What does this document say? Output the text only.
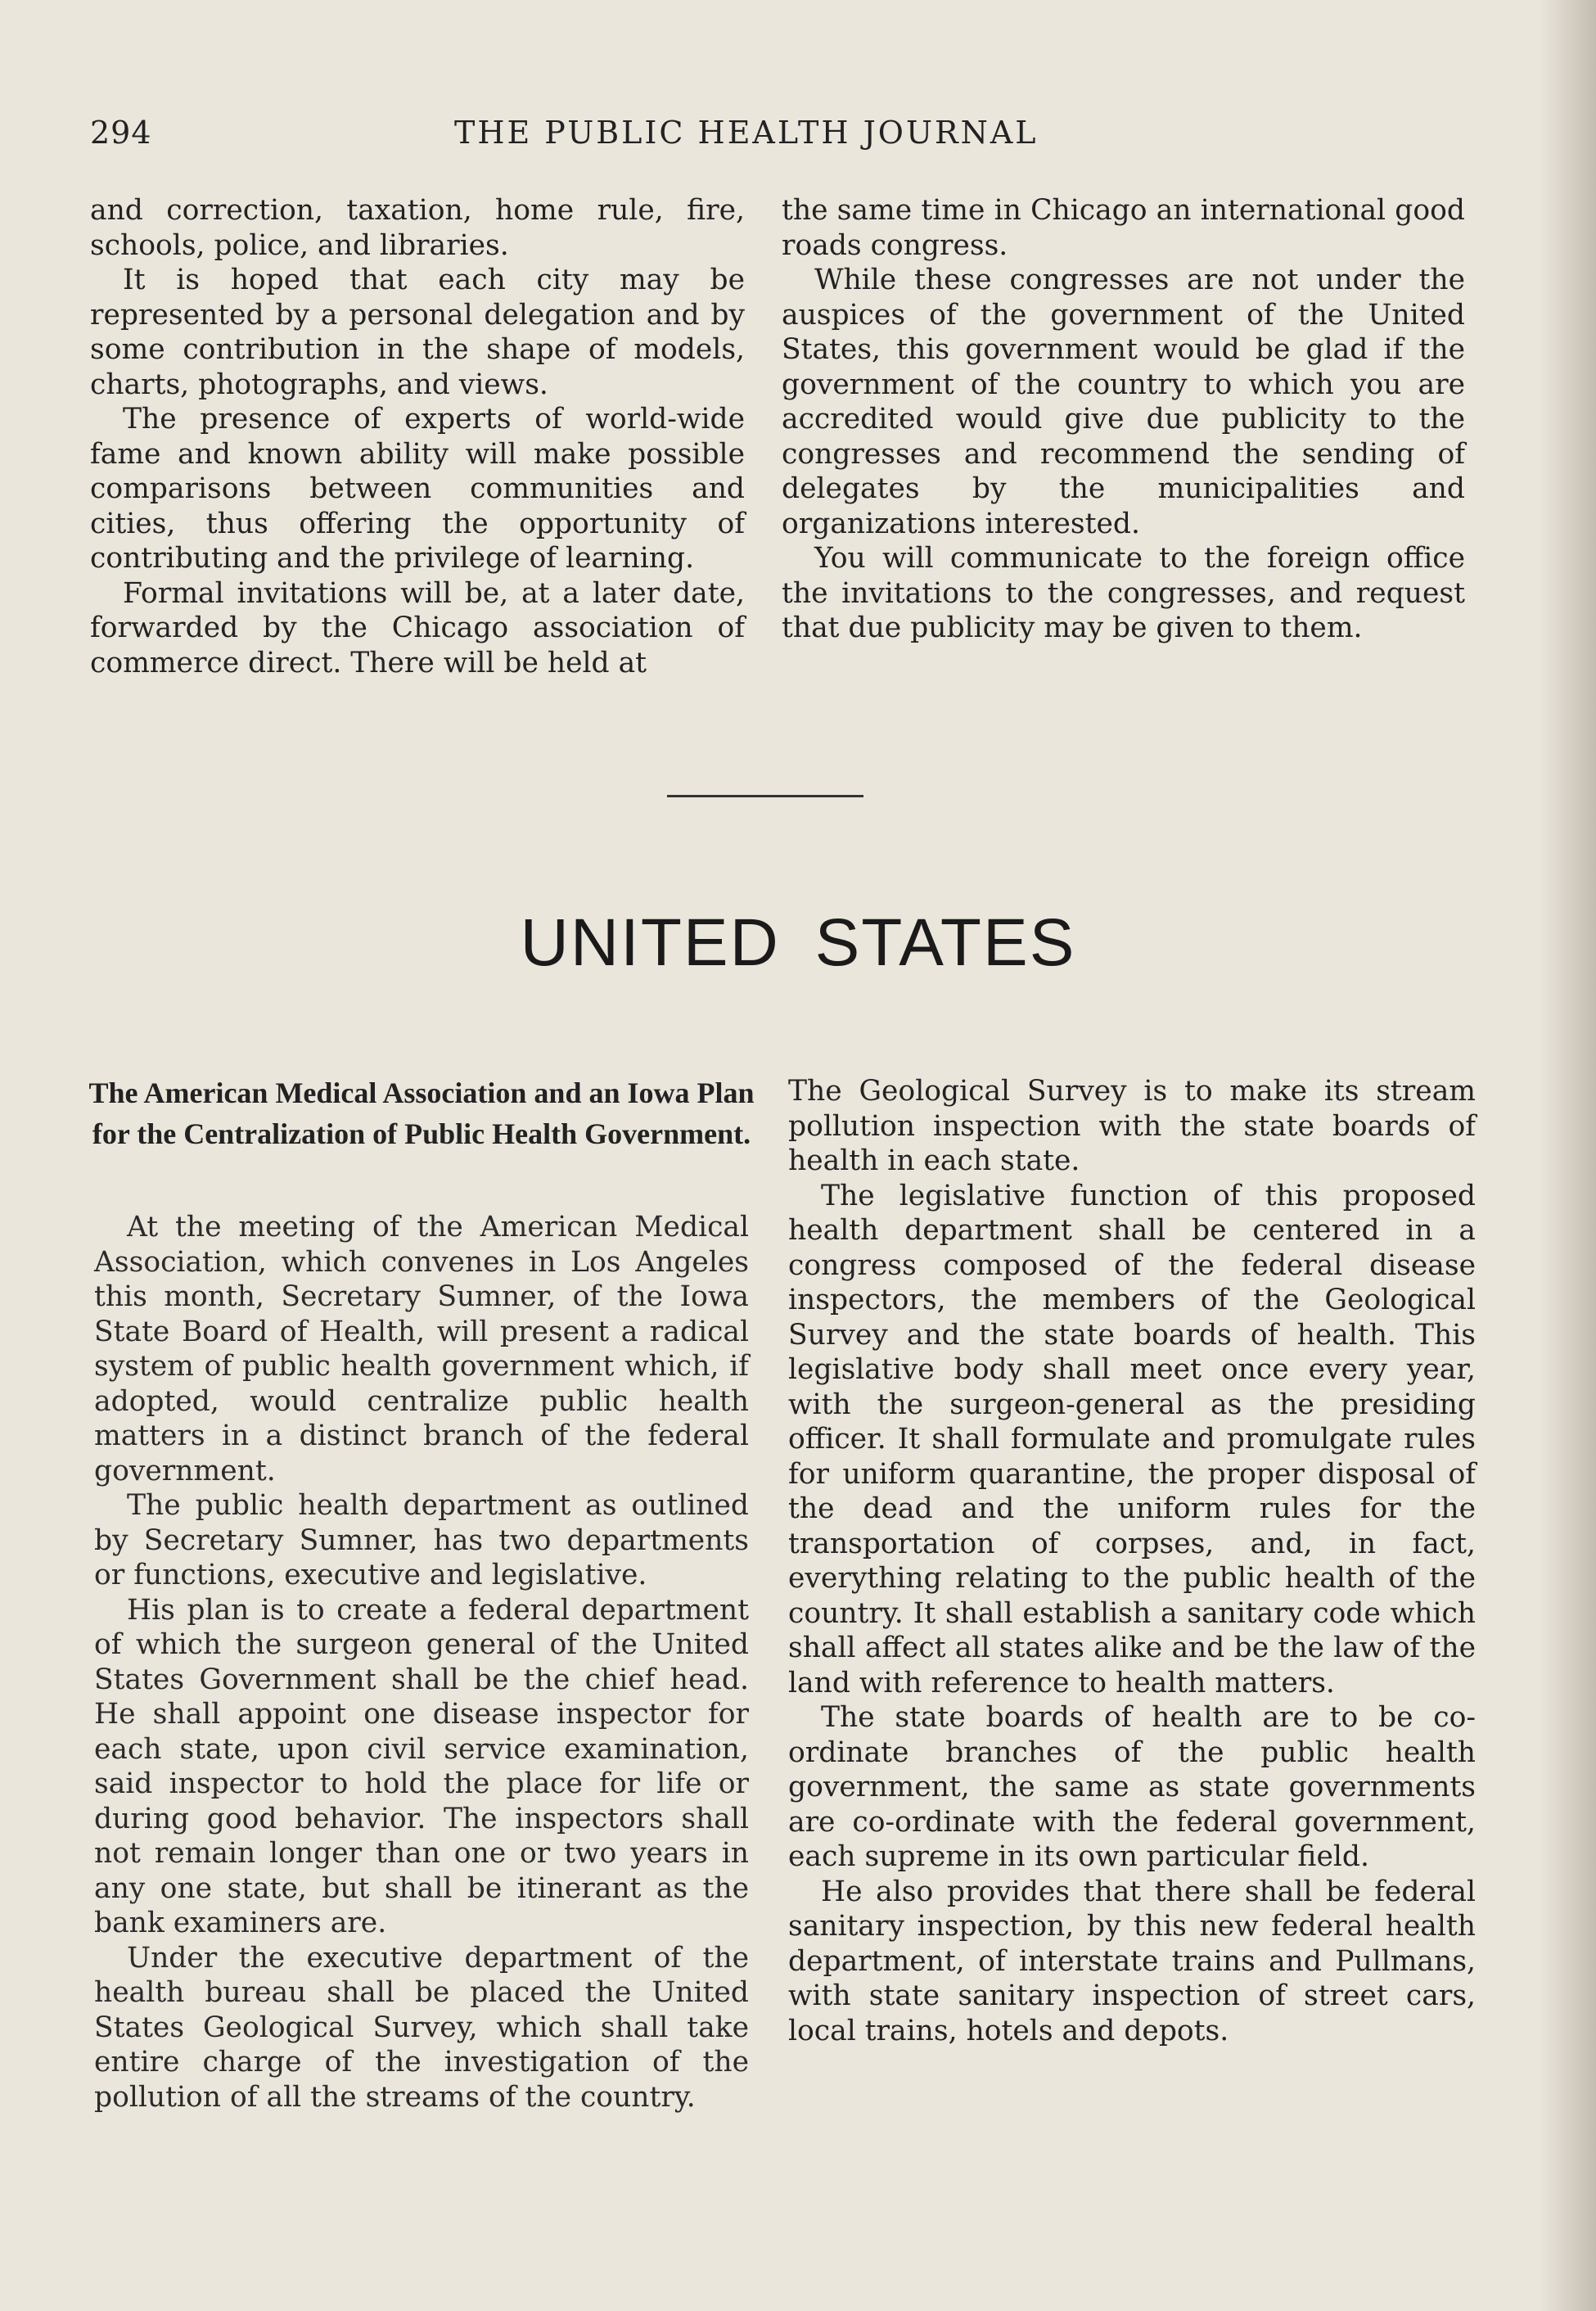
294	THE PUBLIC HEALTH JOURNAL

and correction, taxation, home rule, fire, schools, police, and libraries.

It is hoped that each city may be represented by a personal delegation and by some contribution in the shape of models, charts, photographs, and views.

The presence of experts of world-wide fame and known ability will make possible comparisons between communities and cities, thus offering the opportunity of contributing and the privilege of learning.

Formal invitations will be, at a later date, forwarded by the Chicago association of commerce direct. There will be held at

the same time in Chicago an international good roads congress.

While these congresses are not under the auspices of the government of the United States, this government would be glad if the government of the country to which you are accredited would give due publicity to the congresses and recommend the sending of delegates by the municipalities and organizations interested.

You will communicate to the foreign office the invitations to the congresses, and request that due publicity may be given to them.

UNITED STATES
The American Medical Association and an Iowa Plan for the Centralization of Public Health Government.

At the meeting of the American Medical Association, which convenes in Los Angeles this month, Secretary Sumner, of the Iowa State Board of Health, will present a radical system of public health government which, if adopted, would centralize public health matters in a distinct branch of the federal government.

The public health department as outlined by Secretary Sumner, has two departments or functions, executive and legislative.

His plan is to create a federal department of which the surgeon general of the United States Government shall be the chief head. He shall appoint one disease inspector for each state, upon civil service examination, said inspector to hold the place for life or during good behavior. The inspectors shall not remain longer than one or two years in any one state, but shall be itinerant as the bank examiners are.

Under the executive department of the health bureau shall be placed the United States Geological Survey, which shall take entire charge of the investigation of the pollution of all the streams of the country.

The Geological Survey is to make its stream pollution inspection with the state boards of health in each state.

The legislative function of this proposed health department shall be centered in a congress composed of the federal disease inspectors, the members of the Geological Survey and the state boards of health. This legislative body shall meet once every year, with the surgeon-general as the presiding officer. It shall formulate and promulgate rules for uniform quarantine, the proper disposal of the dead and the uniform rules for the transportation of corpses, and, in fact, everything relating to the public health of the country. It shall establish a sanitary code which shall affect all states alike and be the law of the land with reference to health matters.

The state boards of health are to be co-ordinate branches of the public health government, the same as state governments are co-ordinate with the federal government, each supreme in its own particular field.

He also provides that there shall be federal sanitary inspection, by this new federal health department, of interstate trains and Pullmans, with state sanitary inspection of street cars, local trains, hotels and depots.
